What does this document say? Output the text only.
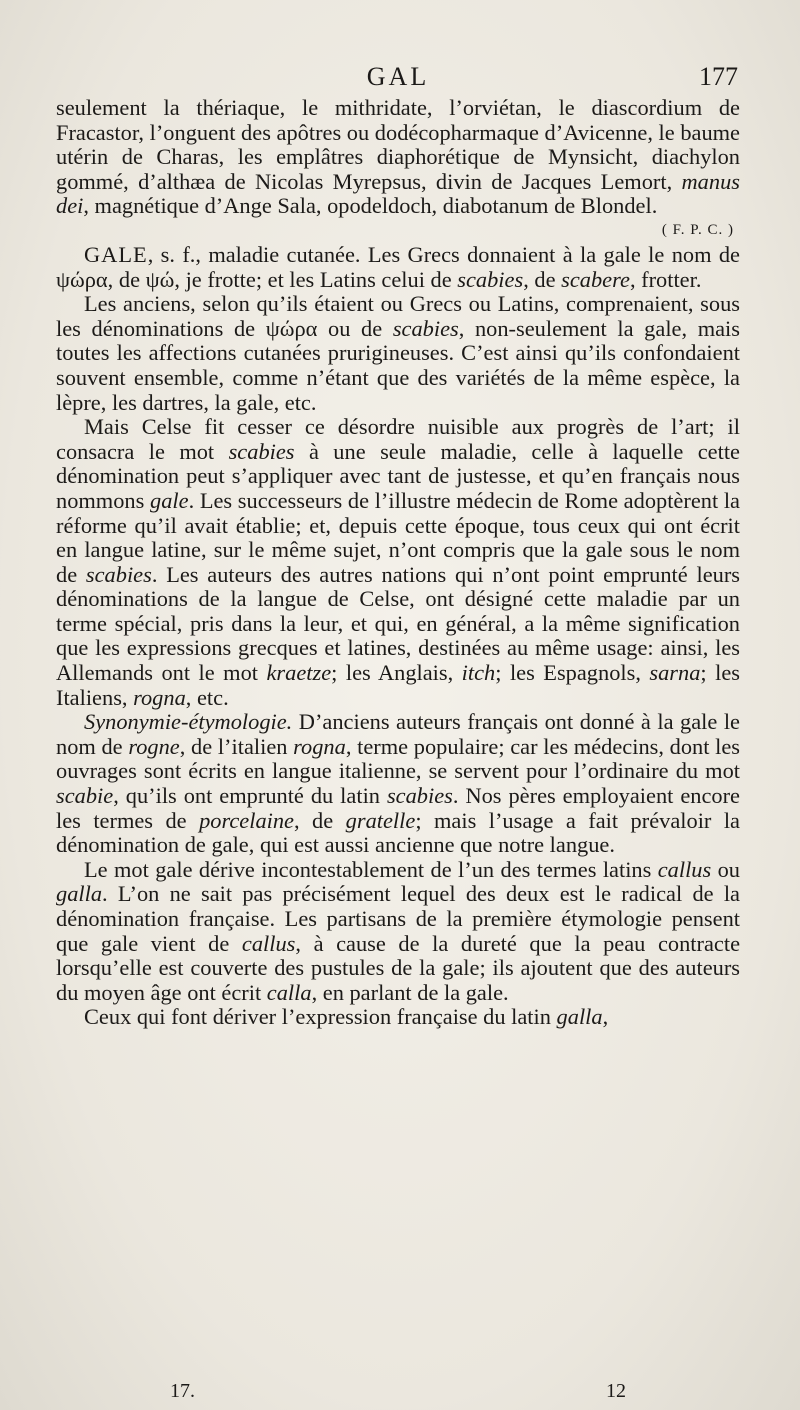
GAL	177

seulement la thériaque, le mithridate, l’orviétan, le diascordium de Fracastor, l’onguent des apôtres ou dodécopharmaque d’Avicenne, le baume utérin de Charas, les emplâtres diaphorétique de Mynsicht, diachylon gommé, d’althæa de Nicolas Myrepsus, divin de Jacques Lemort, manus dei, magnétique d’Ange Sala, opodeldoch, diabotanum de Blondel.

( F. P. C. )

GALE, s. f., maladie cutanée. Les Grecs donnaient à la gale le nom de ψώρα, de ψώ, je frotte; et les Latins celui de scabies, de scabere, frotter.

Les anciens, selon qu’ils étaient ou Grecs ou Latins, comprenaient, sous les dénominations de ψώρα ou de scabies, non-seulement la gale, mais toutes les affections cutanées prurigineuses. C’est ainsi qu’ils confondaient souvent ensemble, comme n’étant que des variétés de la même espèce, la lèpre, les dartres, la gale, etc.

Mais Celse fit cesser ce désordre nuisible aux progrès de l’art; il consacra le mot scabies à une seule maladie, celle à laquelle cette dénomination peut s’appliquer avec tant de justesse, et qu’en français nous nommons gale. Les successeurs de l’illustre médecin de Rome adoptèrent la réforme qu’il avait établie; et, depuis cette époque, tous ceux qui ont écrit en langue latine, sur le même sujet, n’ont compris que la gale sous le nom de scabies. Les auteurs des autres nations qui n’ont point emprunté leurs dénominations de la langue de Celse, ont désigné cette maladie par un terme spécial, pris dans la leur, et qui, en général, a la même signification que les expressions grecques et latines, destinées au même usage: ainsi, les Allemands ont le mot kraetze; les Anglais, itch; les Espagnols, sarna; les Italiens, rogna, etc.

Synonymie-étymologie. D’anciens auteurs français ont donné à la gale le nom de rogne, de l’italien rogna, terme populaire; car les médecins, dont les ouvrages sont écrits en langue italienne, se servent pour l’ordinaire du mot scabie, qu’ils ont emprunté du latin scabies. Nos pères employaient encore les termes de porcelaine, de gratelle; mais l’usage a fait prévaloir la dénomination de gale, qui est aussi ancienne que notre langue.

Le mot gale dérive incontestablement de l’un des termes latins callus ou galla. L’on ne sait pas précisément lequel des deux est le radical de la dénomination française. Les partisans de la première étymologie pensent que gale vient de callus, à cause de la dureté que la peau contracte lorsqu’elle est couverte des pustules de la gale; ils ajoutent que des auteurs du moyen âge ont écrit calla, en parlant de la gale.

Ceux qui font dériver l’expression française du latin galla,

17.	12
